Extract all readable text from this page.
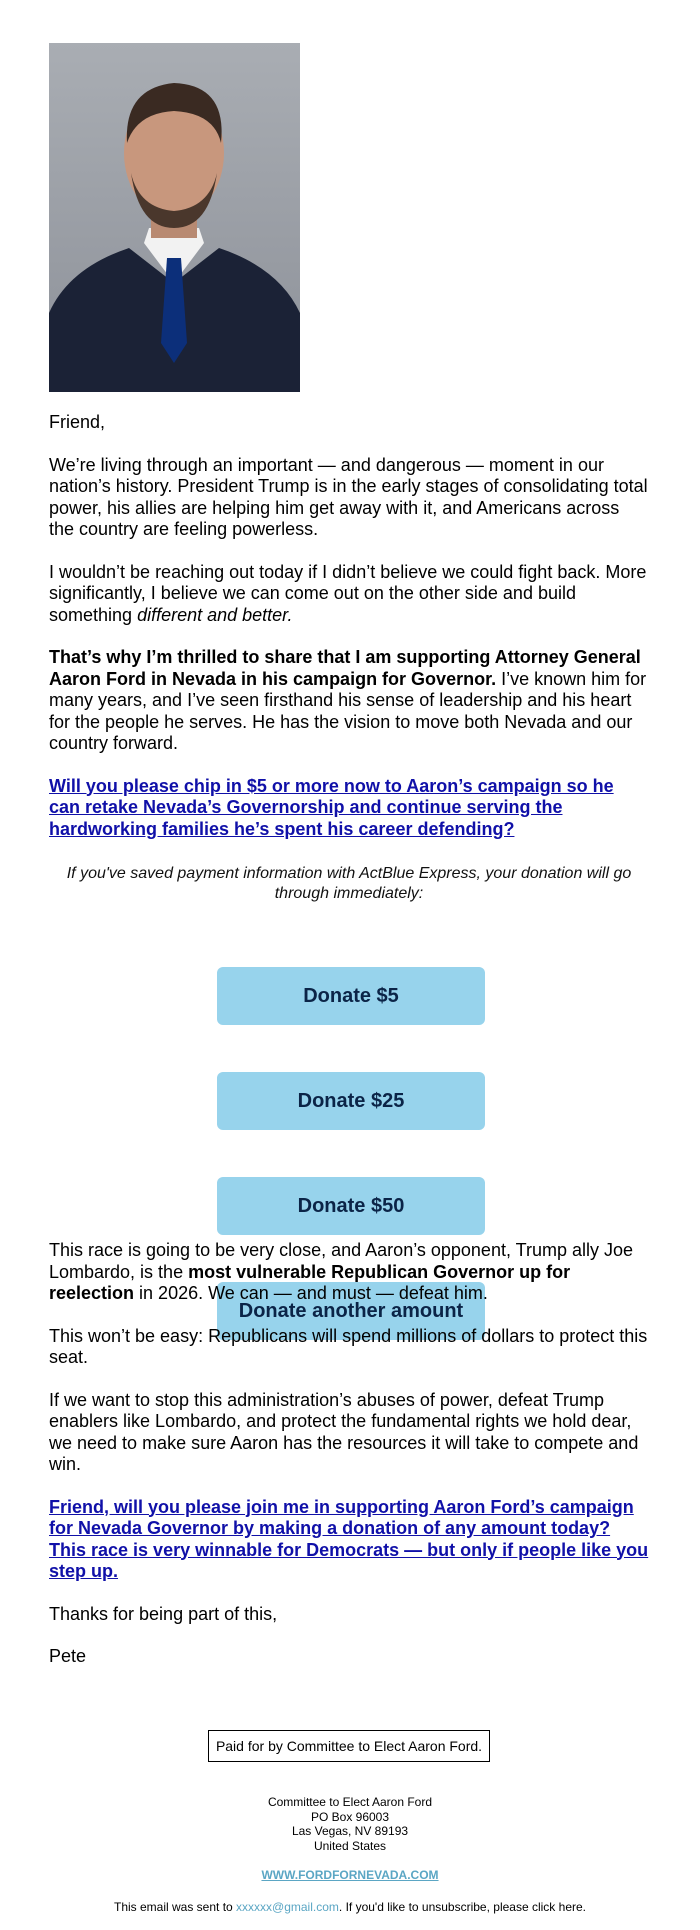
Friend,

We’re living through an important — and dangerous — moment in our nation’s history. President Trump is in the early stages of consolidating total power, his allies are helping him get away with it, and Americans across the country are feeling powerless.

I wouldn’t be reaching out today if I didn’t believe we could fight back. More significantly, I believe we can come out on the other side and build something different and better.

That’s why I’m thrilled to share that I am supporting Attorney General Aaron Ford in Nevada in his campaign for Governor. I’ve known him for many years, and I’ve seen firsthand his sense of leadership and his heart for the people he serves. He has the vision to move both Nevada and our country forward.

Will you please chip in $5 or more now to Aaron’s campaign so he can retake Nevada’s Governorship and continue serving the hardworking families he’s spent his career defending?

If you've saved payment information with ActBlue Express, your donation will go through immediately:
Donate $5
Donate $25
Donate $50
Donate another amount

This race is going to be very close, and Aaron’s opponent, Trump ally Joe Lombardo, is the most vulnerable Republican Governor up for reelection in 2026. We can — and must — defeat him.

This won’t be easy: Republicans will spend millions of dollars to protect this seat.

If we want to stop this administration’s abuses of power, defeat Trump enablers like Lombardo, and protect the fundamental rights we hold dear, we need to make sure Aaron has the resources it will take to compete and win.

Friend, will you please join me in supporting Aaron Ford’s campaign for Nevada Governor by making a donation of any amount today? This race is very winnable for Democrats — but only if people like you step up.

Thanks for being part of this,

Pete

Paid for by Committee to Elect Aaron Ford.
Committee to Elect Aaron Ford
PO Box 96003
Las Vegas, NV 89193
United States
WWW.FORDFORNEVADA.COM
This email was sent to xxxxxx@gmail.com. If you'd like to unsubscribe, please click here.
